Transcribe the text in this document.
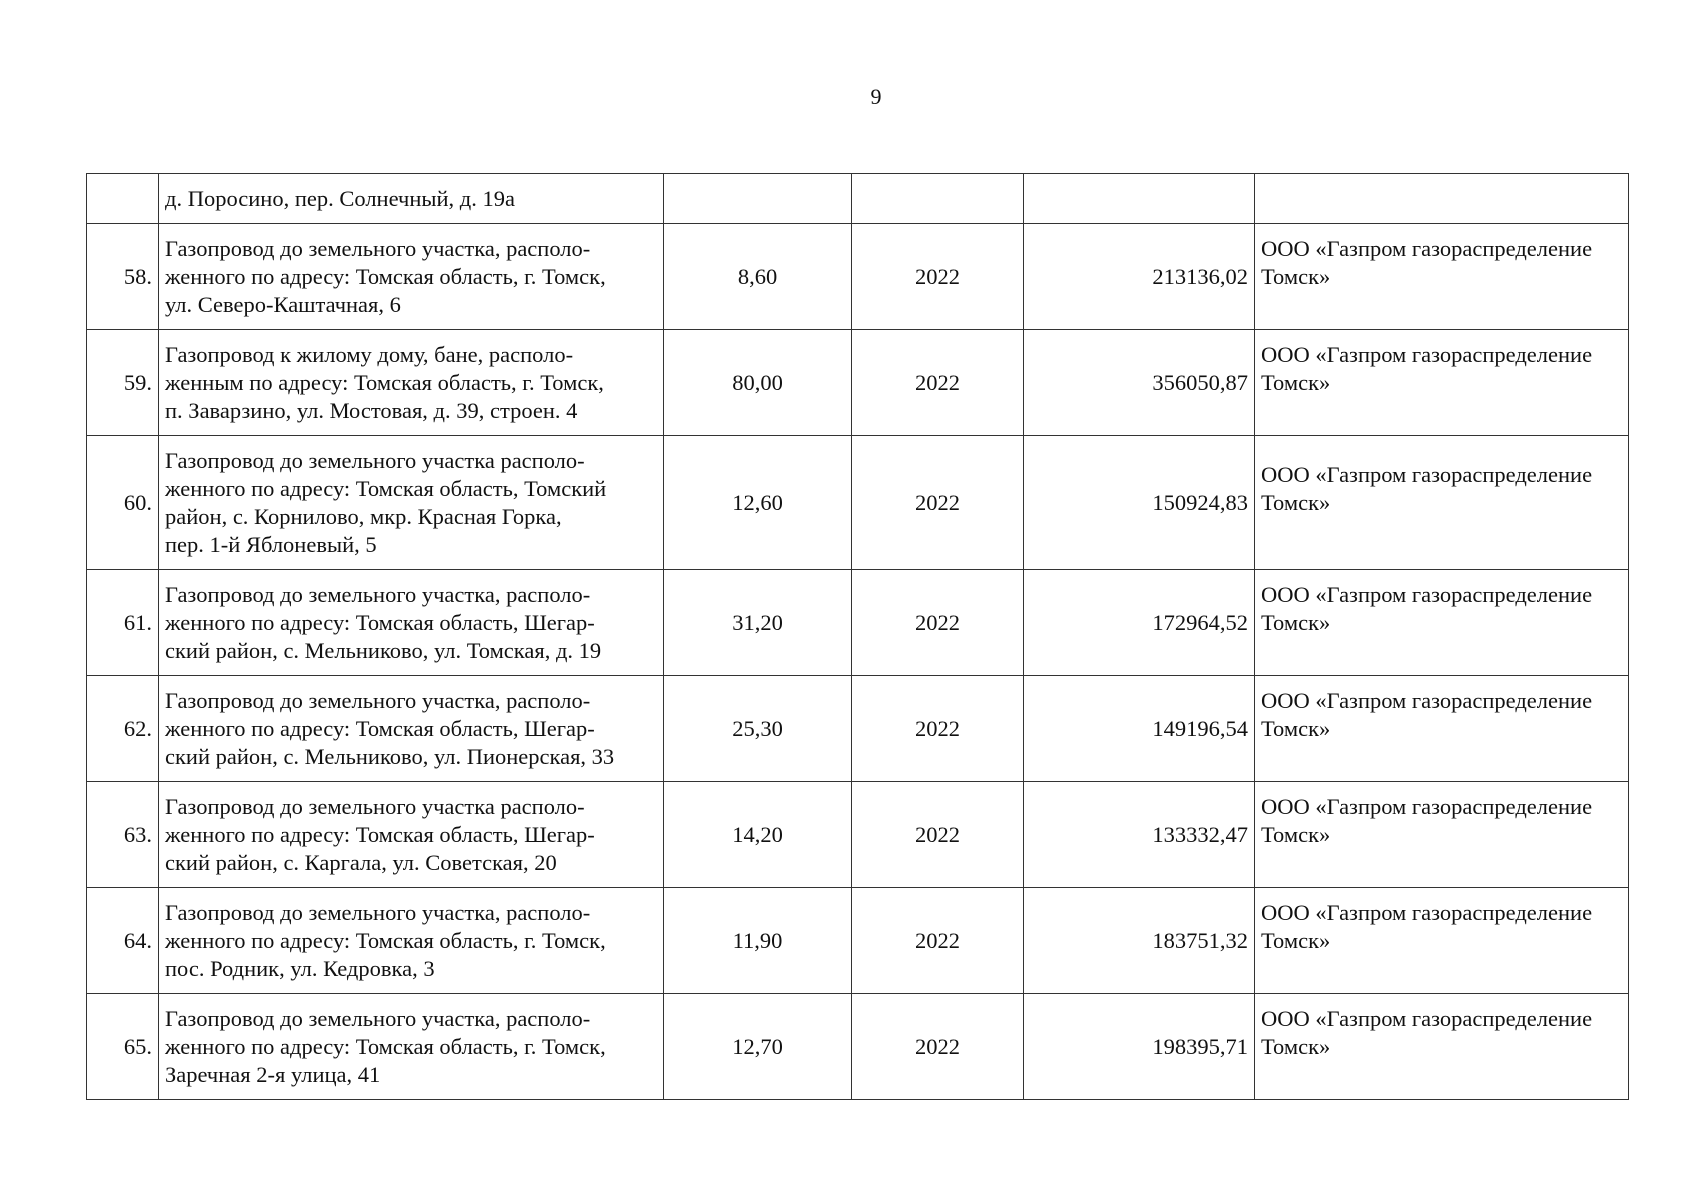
9

	д. Поросино, пер. Солнечный, д. 19а				

58.	Газопровод до земельного участка, располо-
женного по адресу: Томская область, г. Томск,
ул. Северо-Каштачная, 6	8,60	2022	213136,02	ООО «Газпром газораспределение Томск»
59.	Газопровод к жилому дому, бане, располо-
женным по адресу: Томская область, г. Томск,
п. Заварзино, ул. Мостовая, д. 39, строен. 4	80,00	2022	356050,87	ООО «Газпром газораспределение Томск»
60.	Газопровод до земельного участка располо-
женного по адресу: Томская область, Томский
район, с. Корнилово, мкр. Красная Горка,
пер. 1-й Яблоневый, 5	12,60	2022	150924,83	ООО «Газпром газораспределение Томск»
61.	Газопровод до земельного участка, располо-
женного по адресу: Томская область, Шегар-
ский район, с. Мельниково, ул. Томская, д. 19	31,20	2022	172964,52	ООО «Газпром газораспределение Томск»
62.	Газопровод до земельного участка, располо-
женного по адресу: Томская область, Шегар-
ский район, с. Мельниково, ул. Пионерская, 33	25,30	2022	149196,54	ООО «Газпром газораспределение Томск»
63.	Газопровод до земельного участка располо-
женного по адресу: Томская область, Шегар-
ский район, с. Каргала, ул. Советская, 20	14,20	2022	133332,47	ООО «Газпром газораспределение Томск»
64.	Газопровод до земельного участка, располо-
женного по адресу: Томская область, г. Томск,
пос. Родник, ул. Кедровка, 3	11,90	2022	183751,32	ООО «Газпром газораспределение Томск»
65.	Газопровод до земельного участка, располо-
женного по адресу: Томская область, г. Томск,
Заречная 2-я улица, 41	12,70	2022	198395,71	ООО «Газпром газораспределение Томск»
